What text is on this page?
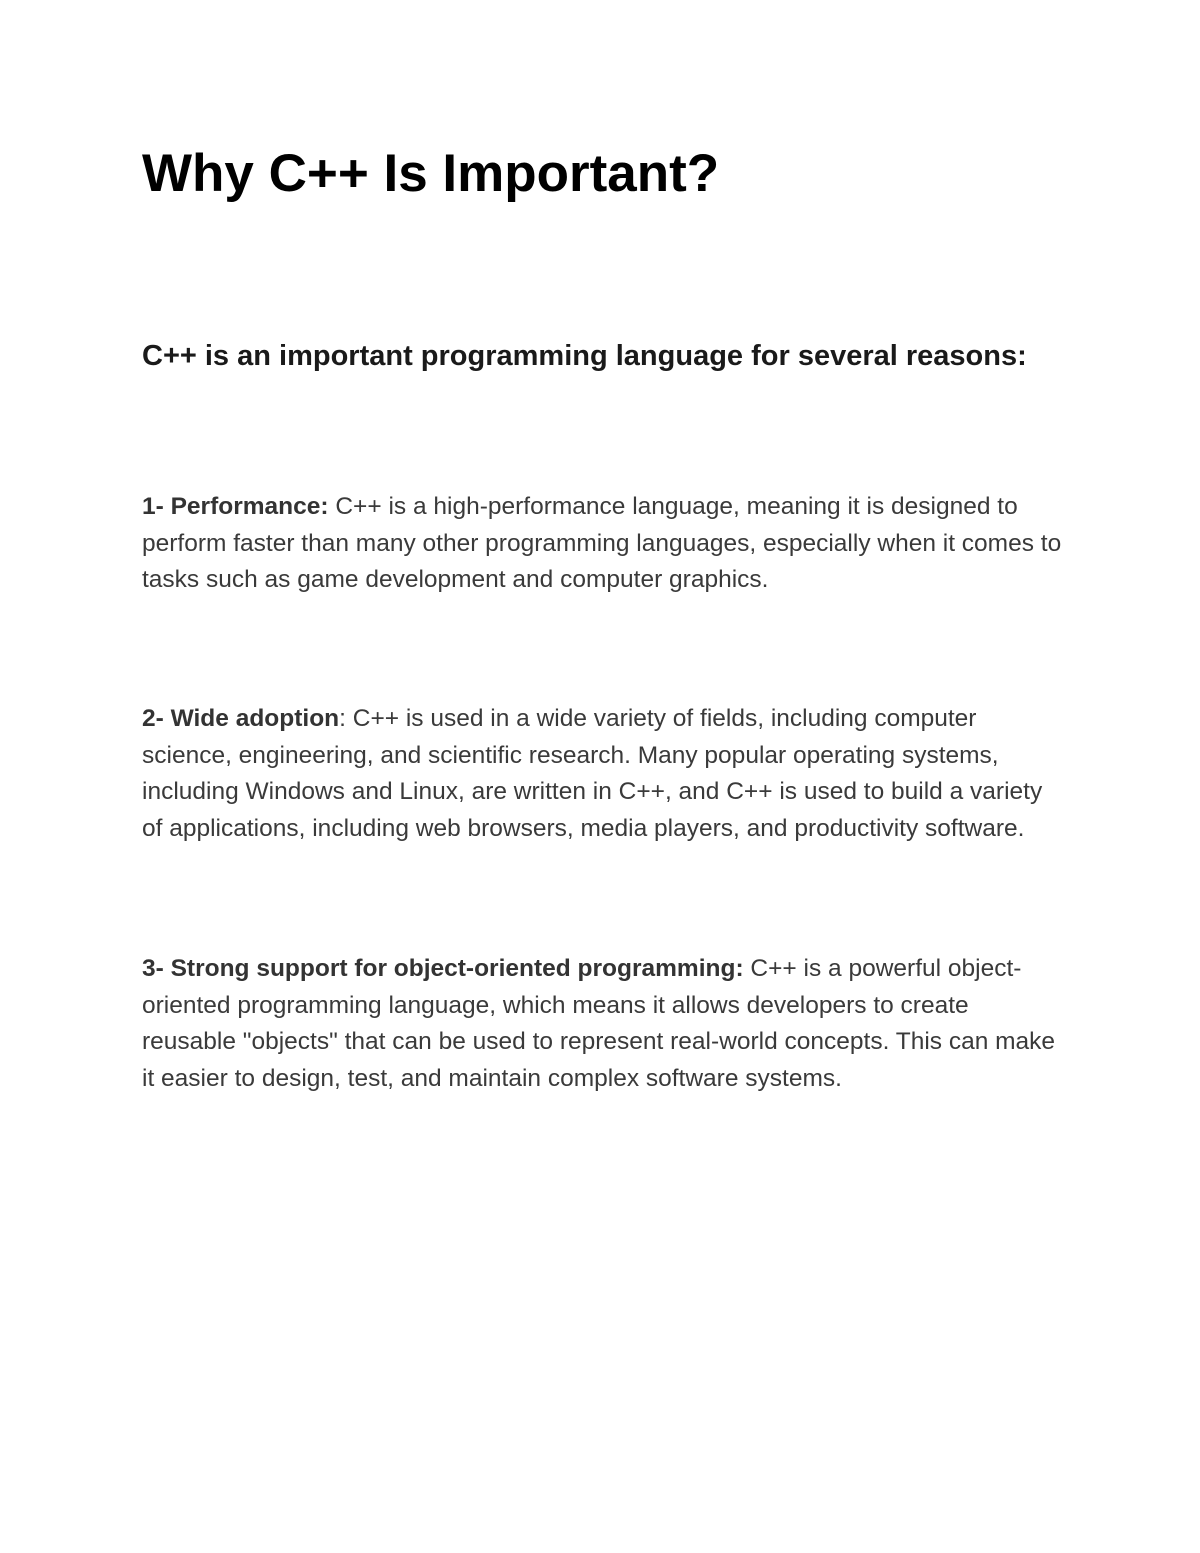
Why C++ Is Important?

C++ is an important programming language for several reasons:

1- Performance: C++ is a high-performance language, meaning it is designed to perform faster than many other programming languages, especially when it comes to tasks such as game development and computer graphics.

2- Wide adoption: C++ is used in a wide variety of fields, including computer science, engineering, and scientific research. Many popular operating systems, including Windows and Linux, are written in C++, and C++ is used to build a variety of applications, including web browsers, media players, and productivity software.

3- Strong support for object-oriented programming: C++ is a powerful object-oriented programming language, which means it allows developers to create reusable "objects" that can be used to represent real-world concepts. This can make it easier to design, test, and maintain complex software systems.
